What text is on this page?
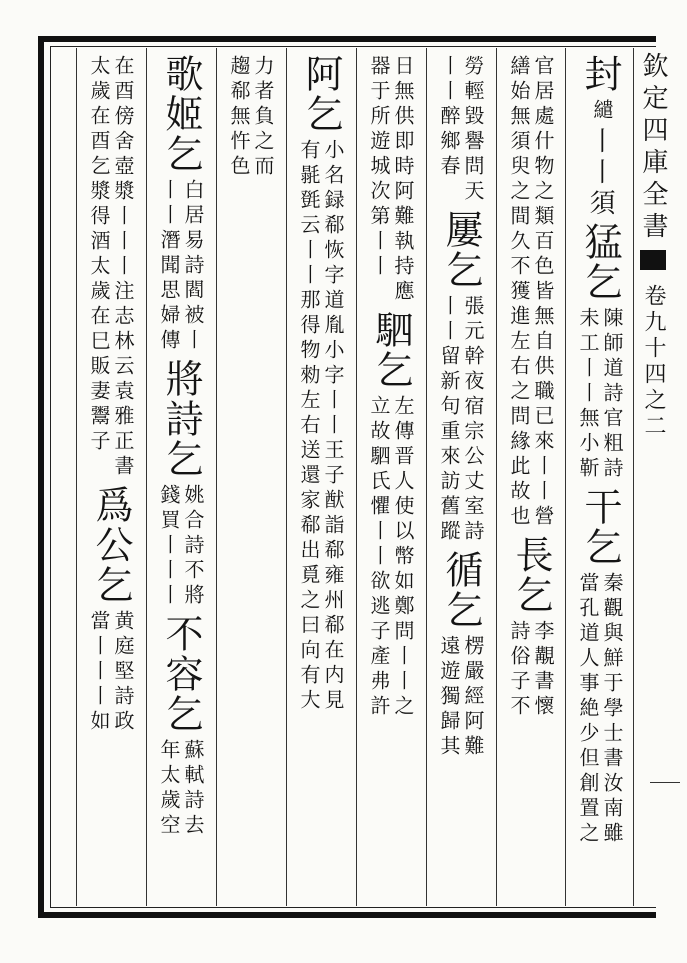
欽定四庫全書
卷九十四之二
封
繾
丨丨須
猛乞
陳師道詩官粗詩
未工丨丨無小靳
干乞
秦觀與鮮于學士書汝南雖
當孔道人事絶少但創置之
官居處什物之類百色皆無自供職已來丨丨營
繕始無須臾之間久不獲進左右之問緣此故也
長乞
李覯書懷
詩俗子不
勞輕毀譽問天
丨丨醉鄉春
屢乞
張元幹夜宿宗公丈室詩
丨丨留新句重來訪舊蹤
循乞
楞嚴經阿難
遠遊獨歸其
日無供即時阿難執持應
器于所遊城次第丨丨
駟乞
左傳晋人使以幣如鄭問丨丨之
立故駟氏懼丨丨欲逃子產弗許
阿乞
小名録郗恢字道胤小字丨丨王子猷詣郗雍州郗在内見
有毾㲪云丨丨那得物勑左右送還家郗出覓之曰向有大
力者負之而
趨郗無忤色
歌姬乞
白居易詩閻被丨
丨丨潛聞思婦傳
將詩乞
姚合詩不將
錢買丨丨丨
不容乞
蘇軾詩去
年太歲空
在酉傍舍壺漿丨丨丨注志林云袁雅正書
太歲在酉乞漿得酒太歲在巳販妻鬻子
爲公乞
黄庭堅詩政
當丨丨丨如
